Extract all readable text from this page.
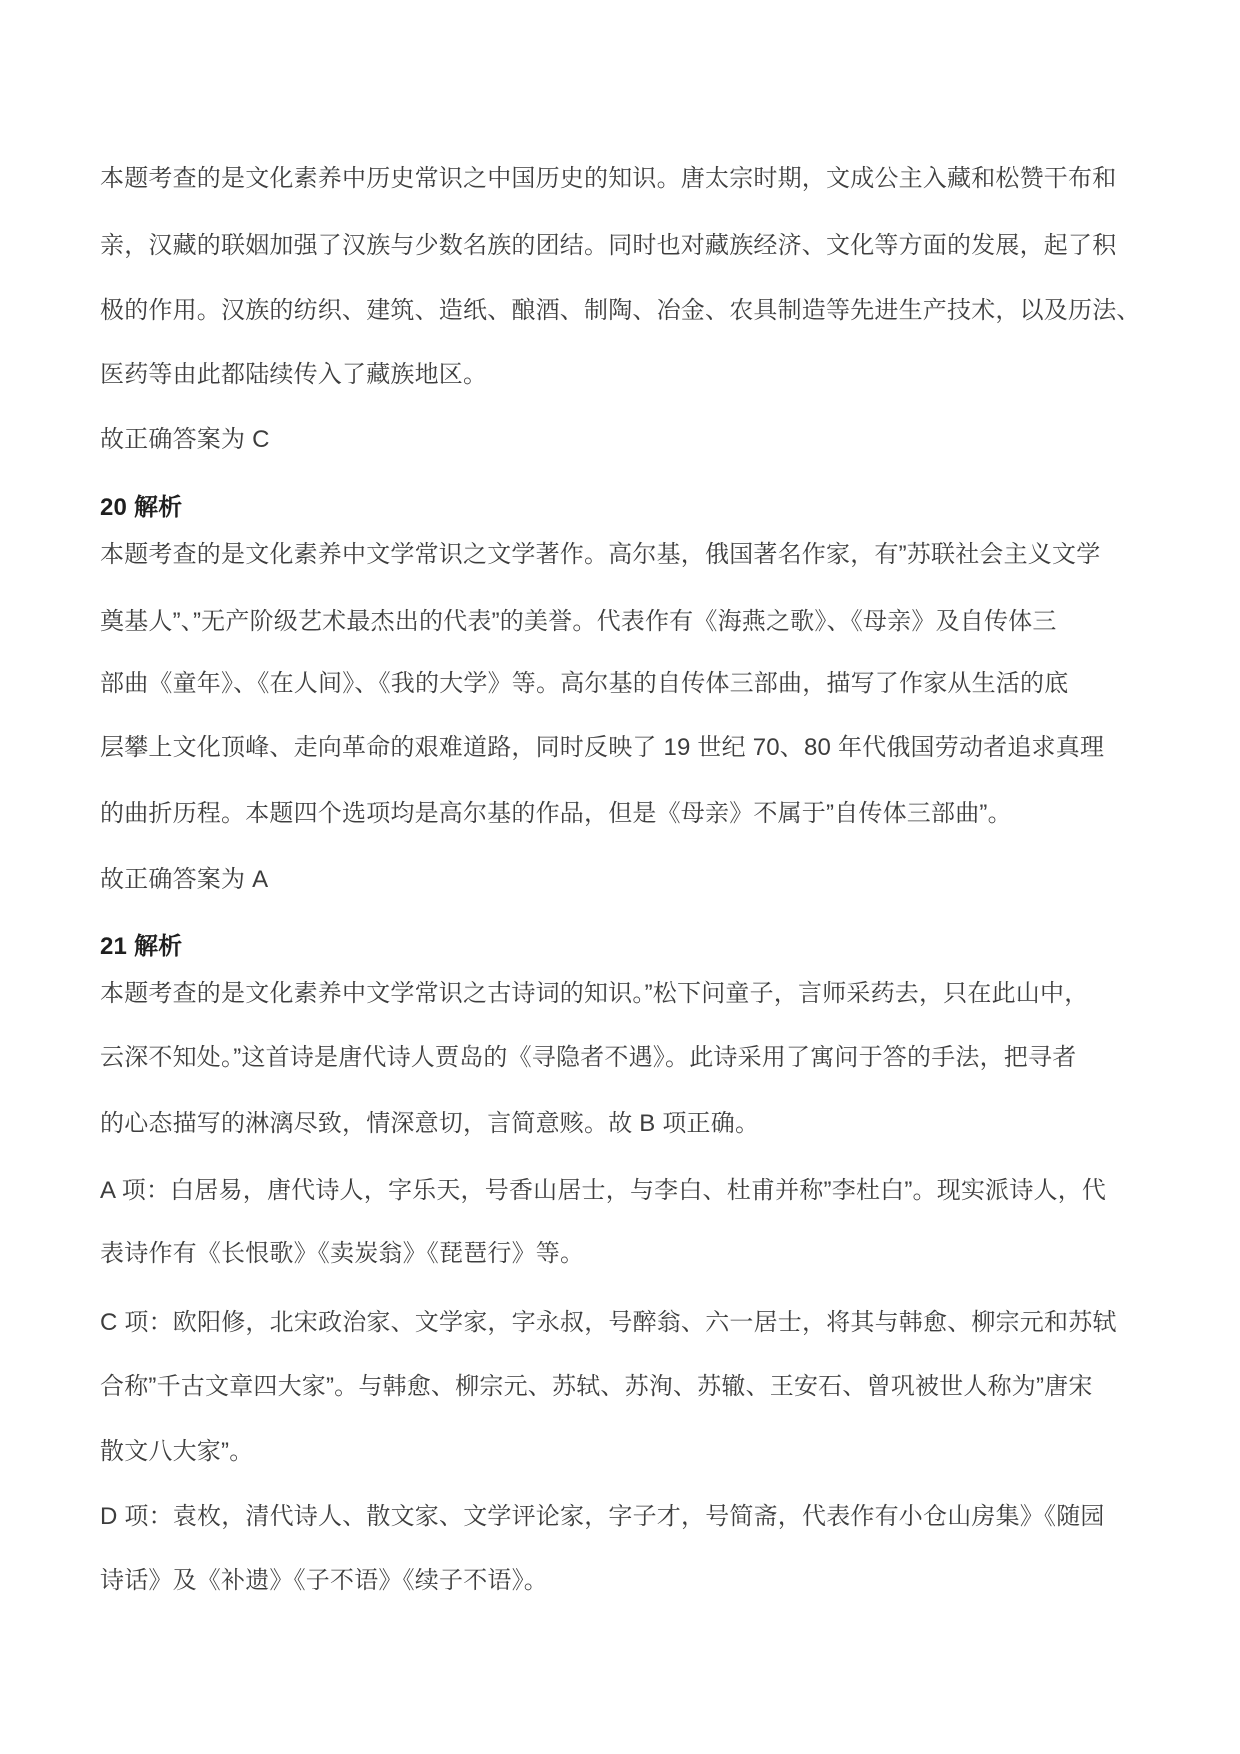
本题考查的是文化素养中历史常识之中国历史的知识。唐太宗时期，文成公主入藏和松赞干布和
亲，汉藏的联姻加强了汉族与少数名族的团结。同时也对藏族经济、文化等方面的发展，起了积
极的作用。汉族的纺织、建筑、造纸、酿酒、制陶、冶金、农具制造等先进生产技术，以及历法、
医药等由此都陆续传入了藏族地区。
故正确答案为 C
20 解析
本题考查的是文化素养中文学常识之文学著作。高尔基，俄国著名作家，有”苏联社会主义文学
奠基人”、”无产阶级艺术最杰出的代表”的美誉。代表作有《海燕之歌》、《母亲》及自传体三
部曲《童年》、《在人间》、《我的大学》等。高尔基的自传体三部曲，描写了作家从生活的底
层攀上文化顶峰、走向革命的艰难道路，同时反映了 19 世纪 70、80 年代俄国劳动者追求真理
的曲折历程。本题四个选项均是高尔基的作品，但是《母亲》不属于”自传体三部曲”。
故正确答案为 A
21 解析
本题考查的是文化素养中文学常识之古诗词的知识。”松下问童子，言师采药去，只在此山中，
云深不知处。”这首诗是唐代诗人贾岛的《寻隐者不遇》。此诗采用了寓问于答的手法，把寻者
的心态描写的淋漓尽致，情深意切，言简意赅。故 B 项正确。
A 项：白居易，唐代诗人，字乐天，号香山居士，与李白、杜甫并称”李杜白”。现实派诗人，代
表诗作有《长恨歌》《卖炭翁》《琵琶行》等。
C 项：欧阳修，北宋政治家、文学家，字永叔，号醉翁、六一居士，将其与韩愈、柳宗元和苏轼
合称”千古文章四大家”。与韩愈、柳宗元、苏轼、苏洵、苏辙、王安石、曾巩被世人称为”唐宋
散文八大家”。
D 项：袁枚，清代诗人、散文家、文学评论家，字子才，号简斋，代表作有小仓山房集》《随园
诗话》及《补遗》《子不语》《续子不语》。
